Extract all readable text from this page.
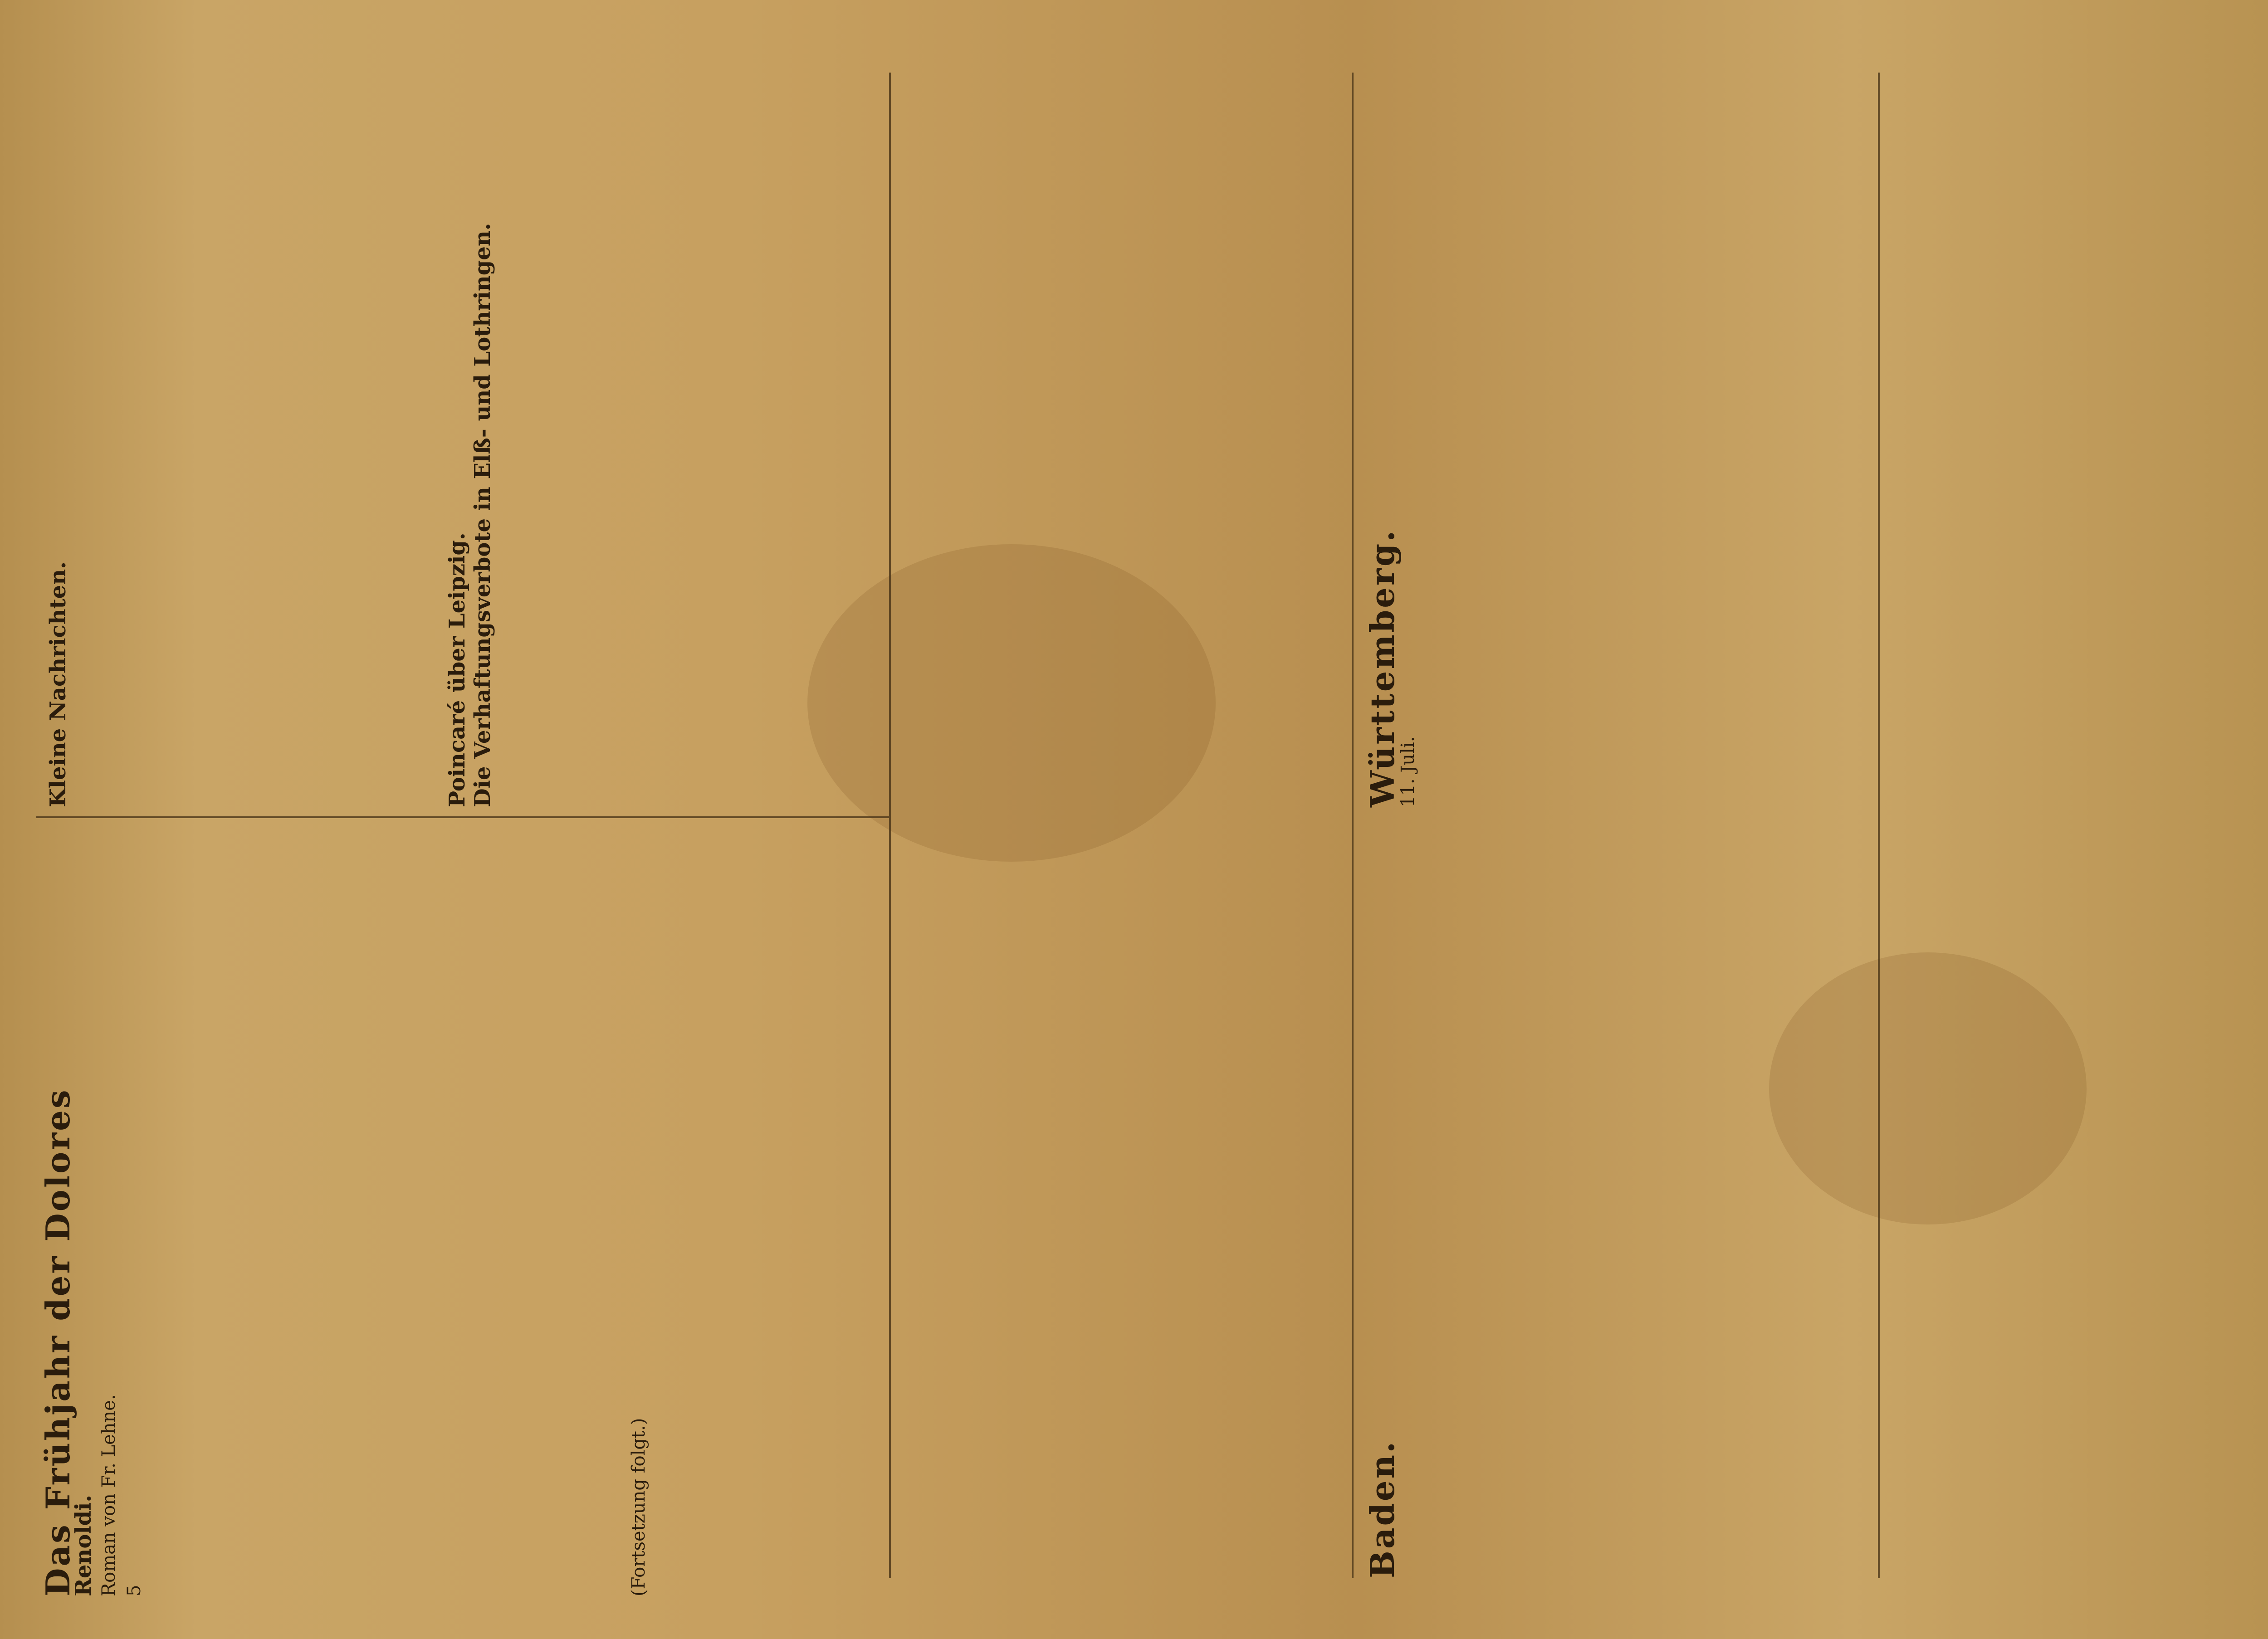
Das Frühjahr der Dolores
Renoldi. Roman von Fr. Lehne. 5	(Fortsetzung folgt.)
Kleine Nachrichten.	Poincaré über Leipzig. Die Verhaftungsverbote in Elß- und Lothringen.	Württemberg.
11. Juli.
Baden.
